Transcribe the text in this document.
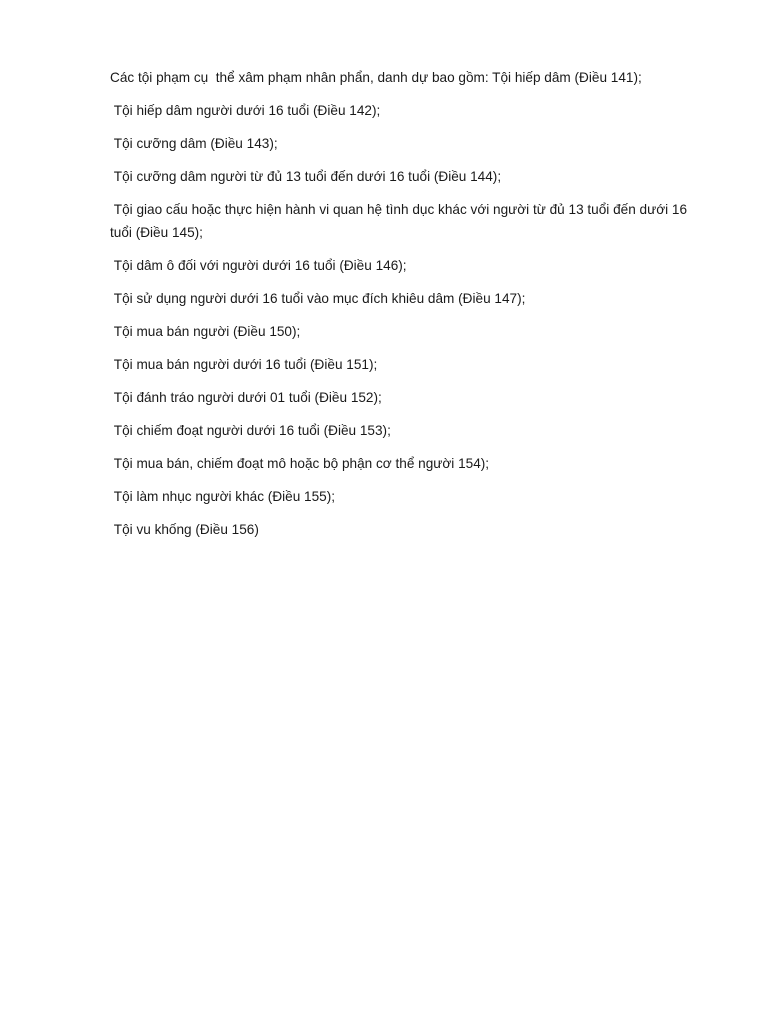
Các tội phạm cụ  thể xâm phạm nhân phẩn, danh dự bao gồm: Tội hiếp dâm (Điều 141);

Tội hiếp dâm người dưới 16 tuổi (Điều 142);

Tội cưỡng dâm (Điều 143);

Tội cưỡng dâm người từ đủ 13 tuổi đến dưới 16 tuổi (Điều 144);

Tội giao cấu hoặc thực hiện hành vi quan hệ tình dục khác với người từ đủ 13 tuổi đến dưới 16 tuổi (Điều 145);

Tội dâm ô đối với người dưới 16 tuổi (Điều 146);

Tội sử dụng người dưới 16 tuổi vào mục đích khiêu dâm (Điều 147);

Tội mua bán người (Điều 150);

Tội mua bán người dưới 16 tuổi (Điều 151);

Tội đánh tráo người dưới 01 tuổi (Điều 152);

Tội chiếm đoạt người dưới 16 tuổi (Điều 153);

Tội mua bán, chiếm đoạt mô hoặc bộ phận cơ thể người 154);

Tội làm nhục người khác (Điều 155);

Tội vu khống (Điều 156)
